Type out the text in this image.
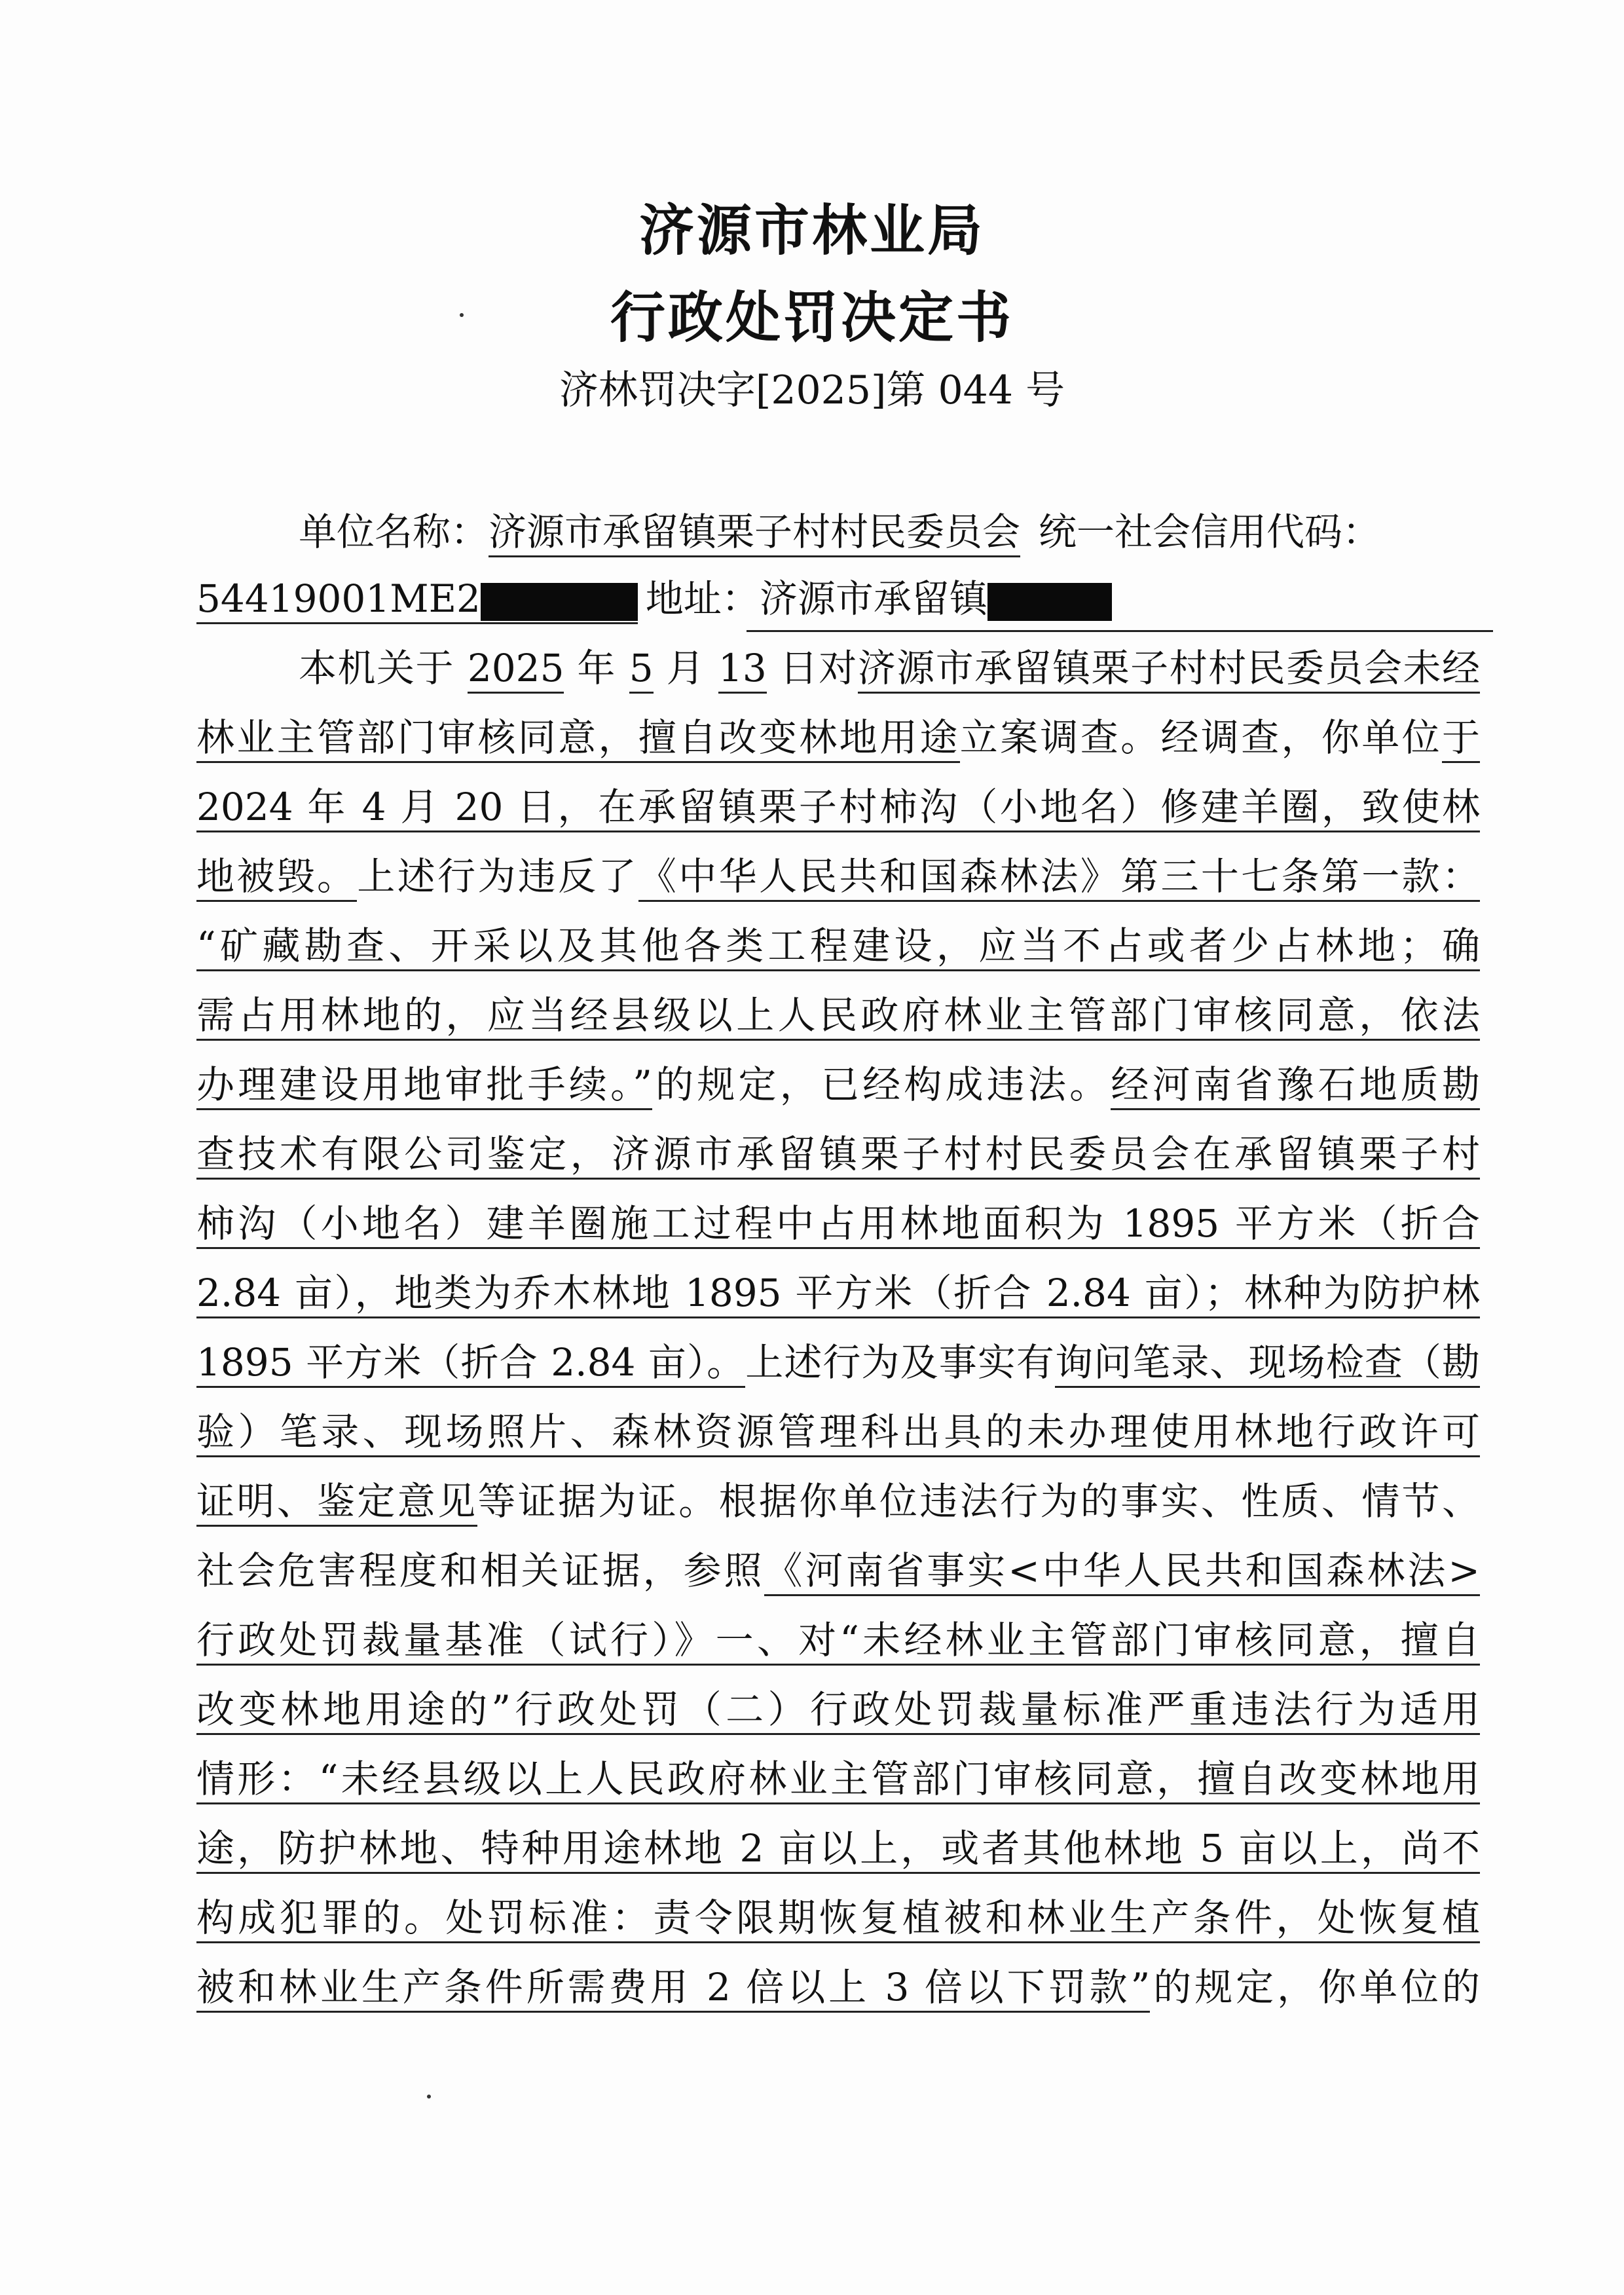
济源市林业局
行政处罚决定书
济林罚决字[2025]第 044 号
单位名称：济源市承留镇栗子村村民委员会 统一社会信用代码：
54419001ME2	地址：济源市承留镇
本机关于 2025 年 5 月 13 日对济源市承留镇栗子村村民委员会未经
林业主管部门审核同意，擅自改变林地用途立案调查。经调查，你单位于
2024 年 4 月 20 日，在承留镇栗子村柿沟（小地名）修建羊圈，致使林
地被毁。上述行为违反了《中华人民共和国森林法》第三十七条第一款：
“矿藏勘查、开采以及其他各类工程建设，应当不占或者少占林地；确
需占用林地的，应当经县级以上人民政府林业主管部门审核同意，依法
办理建设用地审批手续。”的规定，已经构成违法。经河南省豫石地质勘
查技术有限公司鉴定，济源市承留镇栗子村村民委员会在承留镇栗子村
柿沟（小地名）建羊圈施工过程中占用林地面积为 1895 平方米（折合
2.84 亩），地类为乔木林地 1895 平方米（折合 2.84 亩）；林种为防护林
1895 平方米（折合 2.84 亩）。上述行为及事实有询问笔录、现场检查（勘
验）笔录、现场照片、森林资源管理科出具的未办理使用林地行政许可
证明、鉴定意见等证据为证。根据你单位违法行为的事实、性质、情节、
社会危害程度和相关证据，参照《河南省事实<中华人民共和国森林法>
行政处罚裁量基准（试行）》一、对“未经林业主管部门审核同意，擅自
改变林地用途的”行政处罚（二）行政处罚裁量标准严重违法行为适用
情形：“未经县级以上人民政府林业主管部门审核同意，擅自改变林地用
途，防护林地、特种用途林地 2 亩以上，或者其他林地 5 亩以上，尚不
构成犯罪的。处罚标准：责令限期恢复植被和林业生产条件，处恢复植
被和林业生产条件所需费用 2 倍以上 3 倍以下罚款”的规定，你单位的
